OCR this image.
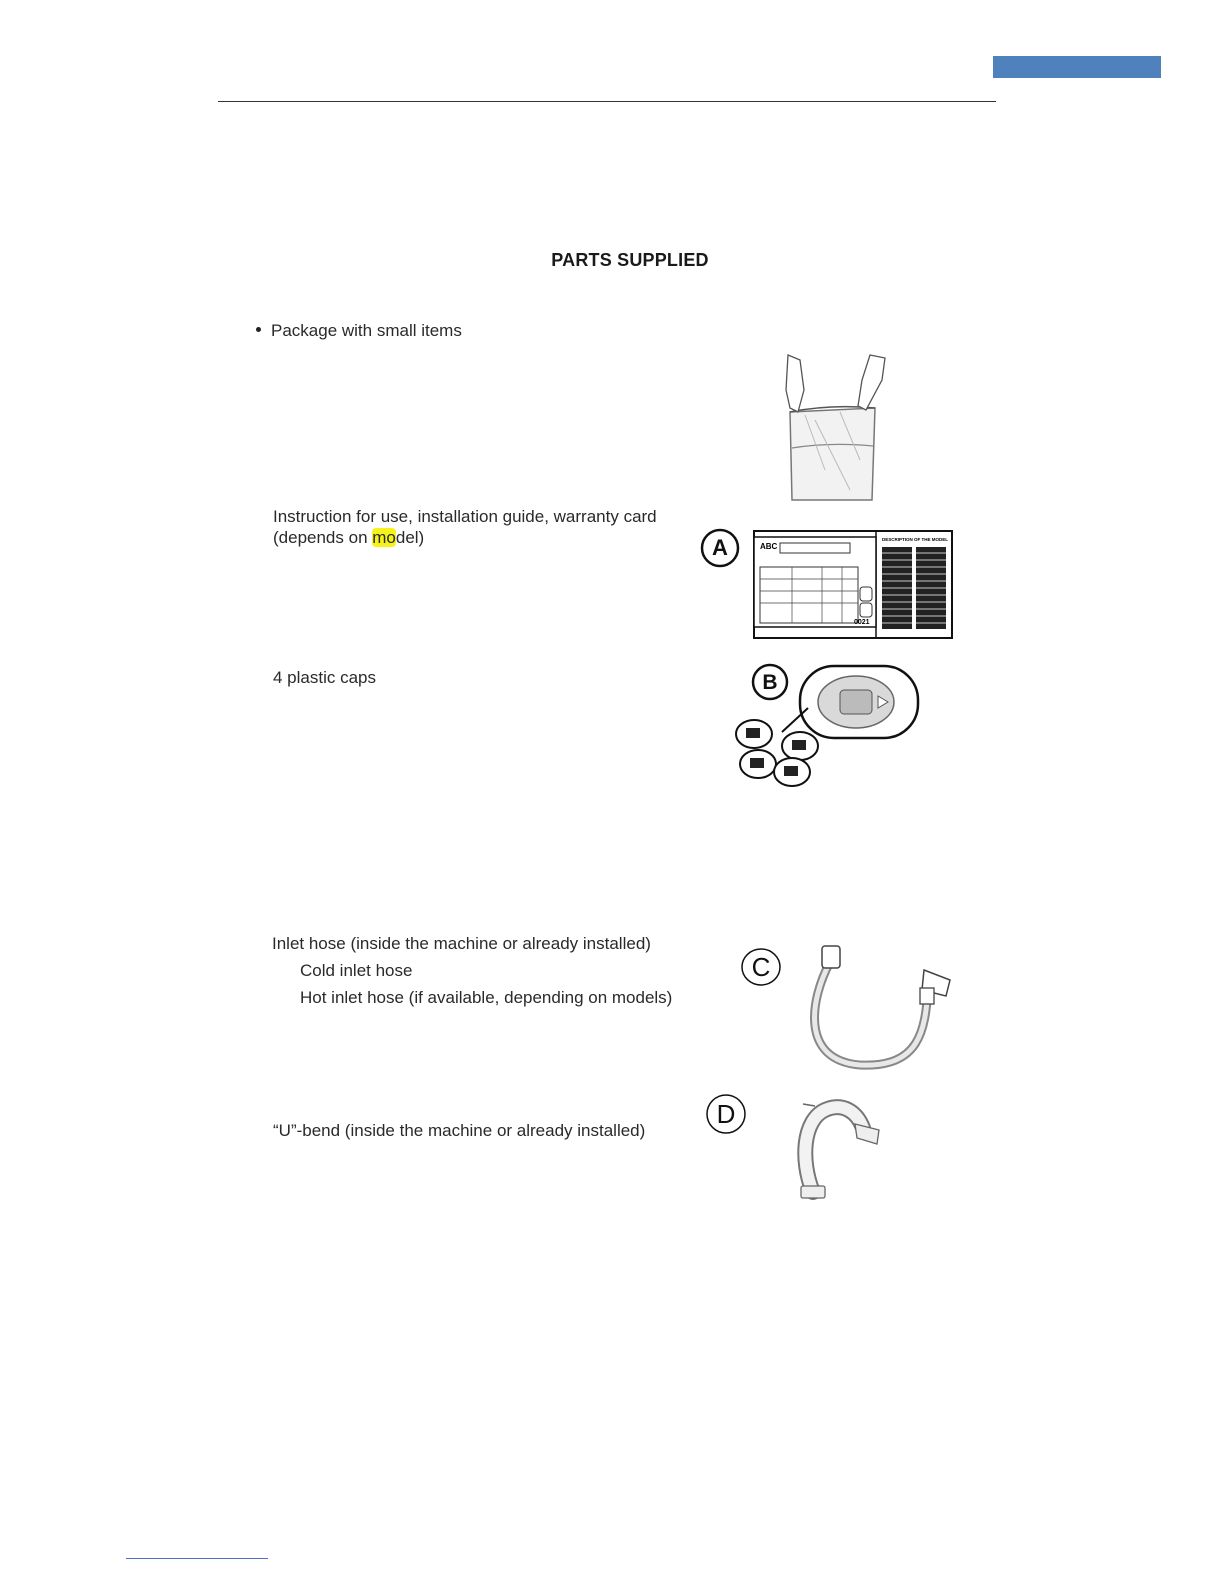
PARTS SUPPLIED
Package with small items
Instruction for use, installation guide, warranty card
(depends on model)	A	ABC
0021
DESCRIPTION OF THE MODEL
4 plastic caps	B
Inlet hose (inside the machine or already installed)
Cold inlet hose
Hot inlet hose (if available, depending on models)
C
“U”-bend (inside the machine or already installed)
D
